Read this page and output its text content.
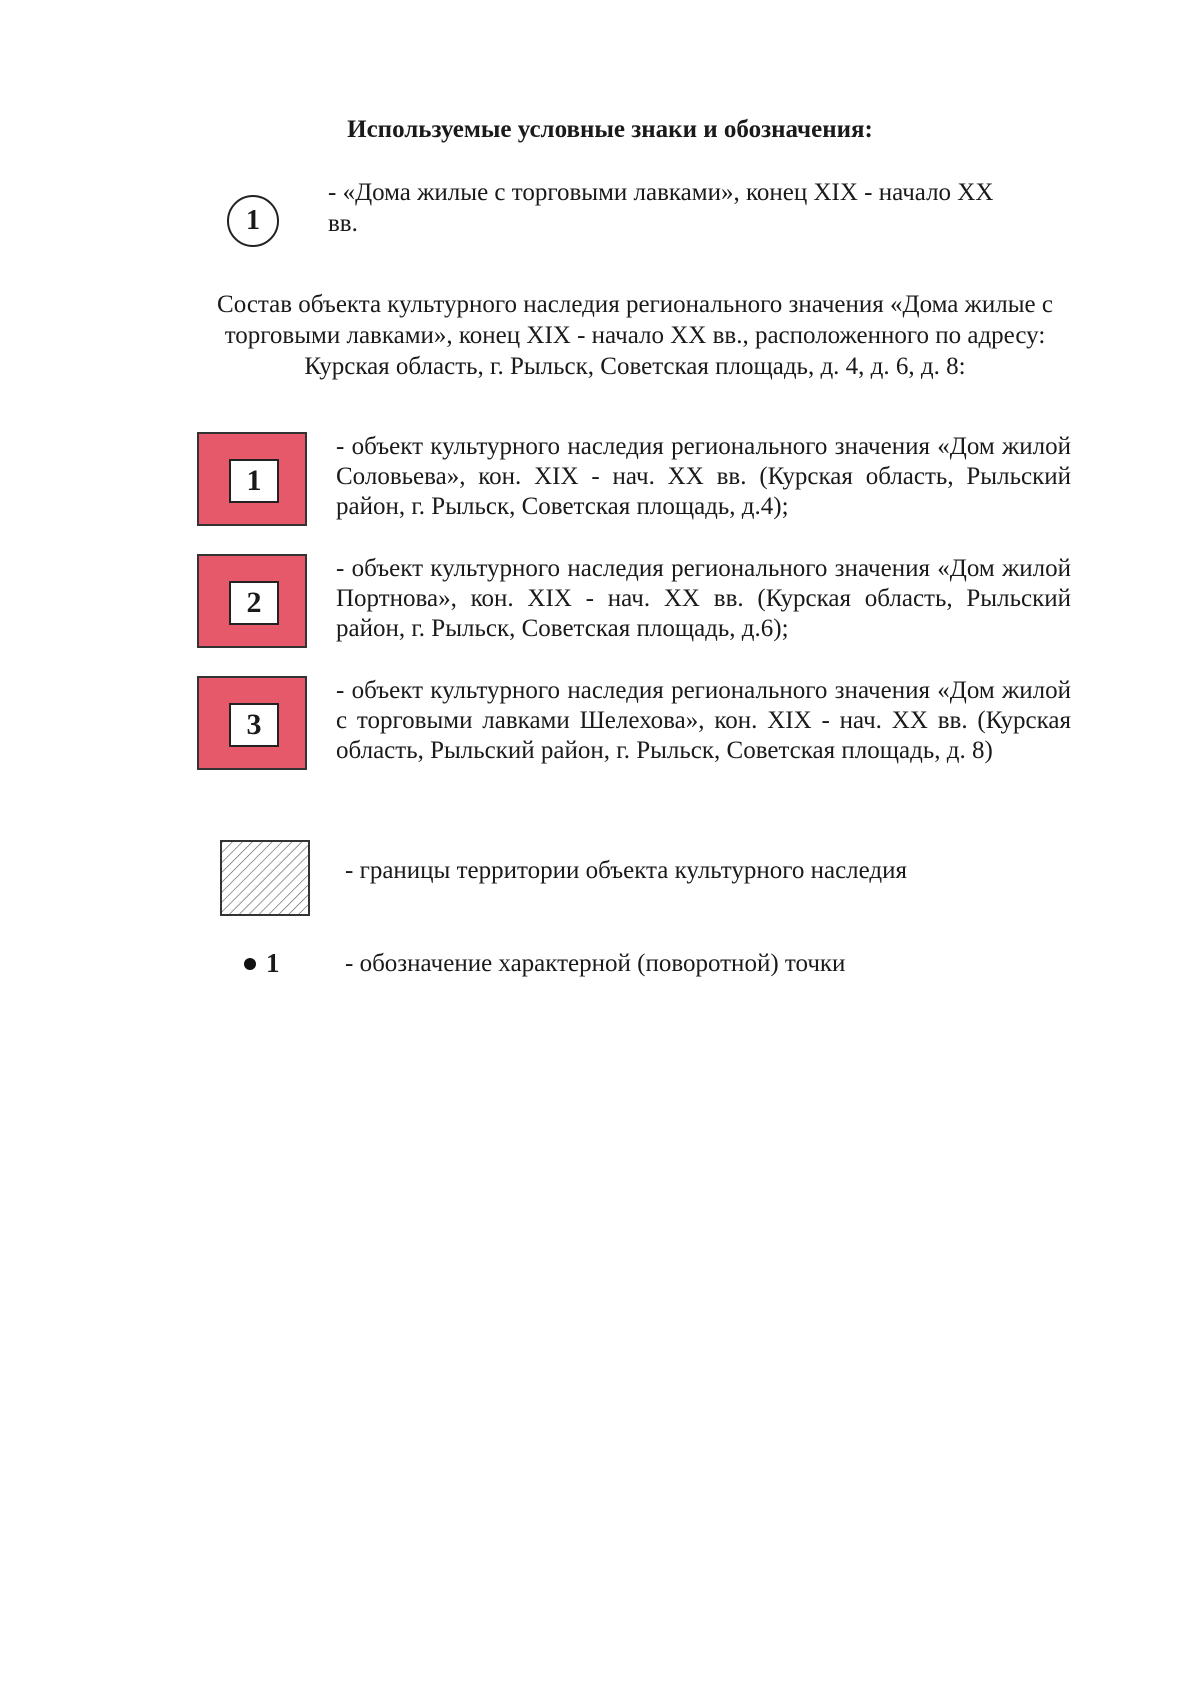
Используемые условные знаки и обозначения:
1
- «Дома жилые с торговыми лавками», конец XIX - начало XX вв.
Состав объекта культурного наследия регионального значения «Дома жилые с торговыми лавками», конец XIX - начало XX вв., расположенного по адресу: Курская область, г. Рыльск, Советская площадь, д. 4, д. 6, д. 8:
1
- объект культурного наследия регионального значения «Дом жилой Соловьева», кон. XIX - нач. XX вв. (Курская область, Рыльский район, г. Рыльск, Советская площадь, д.4);
2
- объект культурного наследия регионального значения «Дом жилой Портнова», кон. XIX - нач. XX вв. (Курская область, Рыльский район, г. Рыльск, Советская площадь, д.6);
3
- объект культурного наследия регионального значения «Дом жилой с торговыми лавками Шелехова», кон. XIX - нач. XX вв. (Курская область, Рыльский район, г. Рыльск, Советская площадь, д. 8)
- границы территории объекта культурного наследия
1	- обозначение характерной (поворотной) точки
